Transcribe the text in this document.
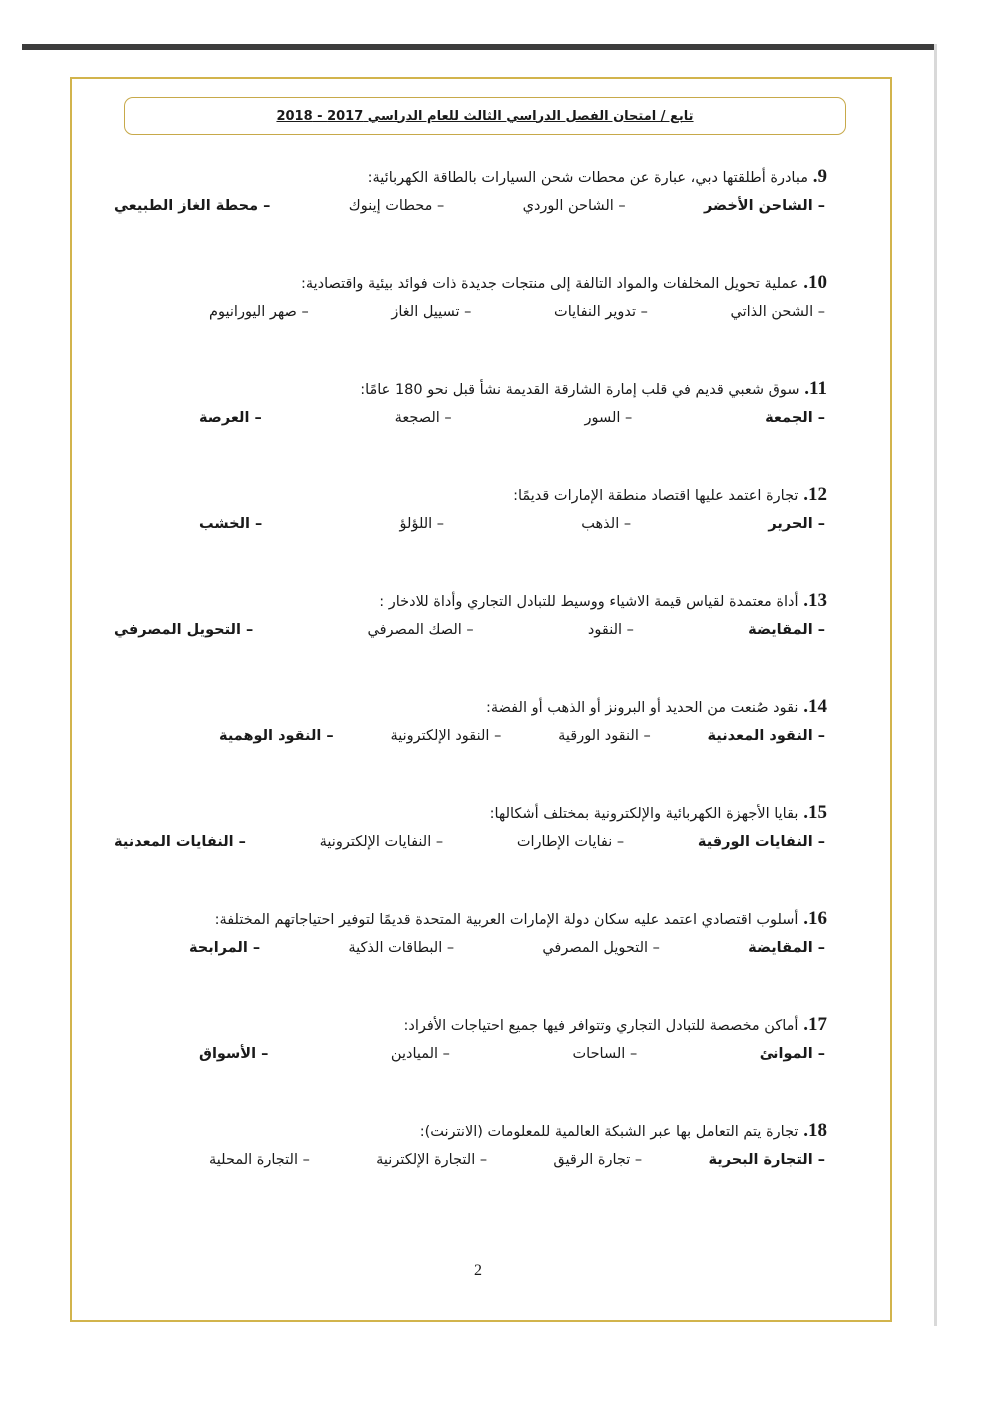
تابع / امتحان الفصل الدراسي الثالث للعام الدراسي 2017 - 2018
9. مبادرة أطلقتها دبي، عبارة عن محطات شحن السيارات بالطاقة الكهربائية:
– الشاحن الأخضر
– الشاحن الوردي
– محطات إينوك
– محطة الغاز الطبيعي
10. عملية تحويل المخلفات والمواد التالفة إلى منتجات جديدة ذات فوائد بيئية واقتصادية:
– الشحن الذاتي
– تدوير النفايات
– تسييل الغاز
– صهر اليورانيوم
11. سوق شعبي قديم في قلب إمارة الشارقة القديمة نشأ قبل نحو 180 عامًا:
– الجمعة
– السور
– الصجعة
– العرصة
12. تجارة اعتمد عليها اقتصاد منطقة الإمارات قديمًا:
– الحرير
– الذهب
– اللؤلؤ
– الخشب
13. أداة معتمدة لقياس قيمة الاشياء ووسيط للتبادل التجاري وأداة للادخار :
– المقايضة
– النقود
– الصك المصرفي
– التحويل المصرفي
14. نقود صُنعت من الحديد أو البرونز أو الذهب أو الفضة:
– النقود المعدنية
– النقود الورقية
– النقود الإلكترونية
– النقود الوهمية
15. بقايا الأجهزة الكهربائية والإلكترونية بمختلف أشكالها:
– النفايات الورقية
– نفايات الإطارات
– النفايات الإلكترونية
– النفايات المعدنية
16. أسلوب اقتصادي اعتمد عليه سكان دولة الإمارات العربية المتحدة قديمًا لتوفير احتياجاتهم المختلفة:
– المقايضة
– التحويل المصرفي
– البطاقات الذكية
– المرابحة
17. أماكن مخصصة للتبادل التجاري وتتوافر فيها جميع احتياجات الأفراد:
– الموانئ
– الساحات
– الميادين
– الأسواق
18. تجارة يتم التعامل بها عبر الشبكة العالمية للمعلومات (الانترنت):
– التجارة البحرية
– تجارة الرقيق
– التجارة الإلكترنية
– التجارة المحلية
2
